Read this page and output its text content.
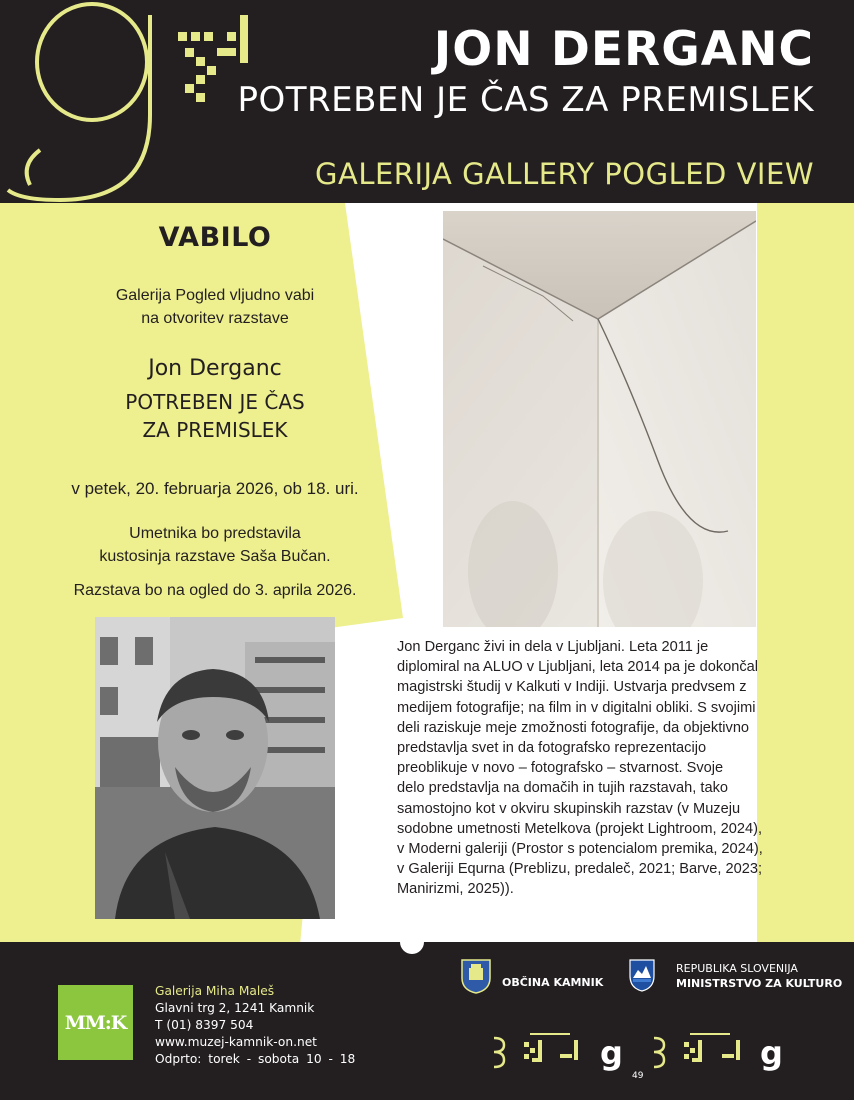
JON DERGANC
POTREBEN JE ČAS ZA PREMISLEK
GALERIJA GALLERY POGLED VIEW
VABILO
Galerija Pogled vljudno vabi
na otvoritev razstave
Jon Derganc
POTREBEN JE ČAS
ZA PREMISLEK
v petek, 20. februarja 2026, ob 18. uri.
Umetnika bo predstavila
kustosinja razstave Saša Bučan.
Razstava bo na ogled do 3. aprila 2026.
Jon Derganc živi in dela v Ljubljani. Leta 2011 je
diplomiral na ALUO v Ljubljani, leta 2014 pa je dokončal
magistrski študij v Kalkuti v Indiji. Ustvarja predvsem z
medijem fotografije; na film in v digitalni obliki. S svojimi
deli raziskuje meje zmožnosti fotografije, da objektivno
predstavlja svet in da fotografsko reprezentacijo
preoblikuje v novo – fotografsko – stvarnost. Svoje
delo predstavlja na domačih in tujih razstavah, tako
samostojno kot v okviru skupinskih razstav (v Muzeju
sodobne umetnosti Metelkova (projekt Lightroom, 2024),
v Moderni galeriji (Prostor s potencialom premika, 2024),
v Galeriji Equrna (Preblizu, predaleč, 2021; Barve, 2023;
Manirizmi, 2025)).
MM:K
Galerija Miha Maleš
Glavni trg 2, 1241 Kamnik
T (01) 8397 504
www.muzej-kamnik-on.net
Odprto: torek - sobota 10 - 18
OBČINA KAMNIK
REPUBLIKA SLOVENIJA
MINISTRSTVO ZA KULTURO
g	g
49
